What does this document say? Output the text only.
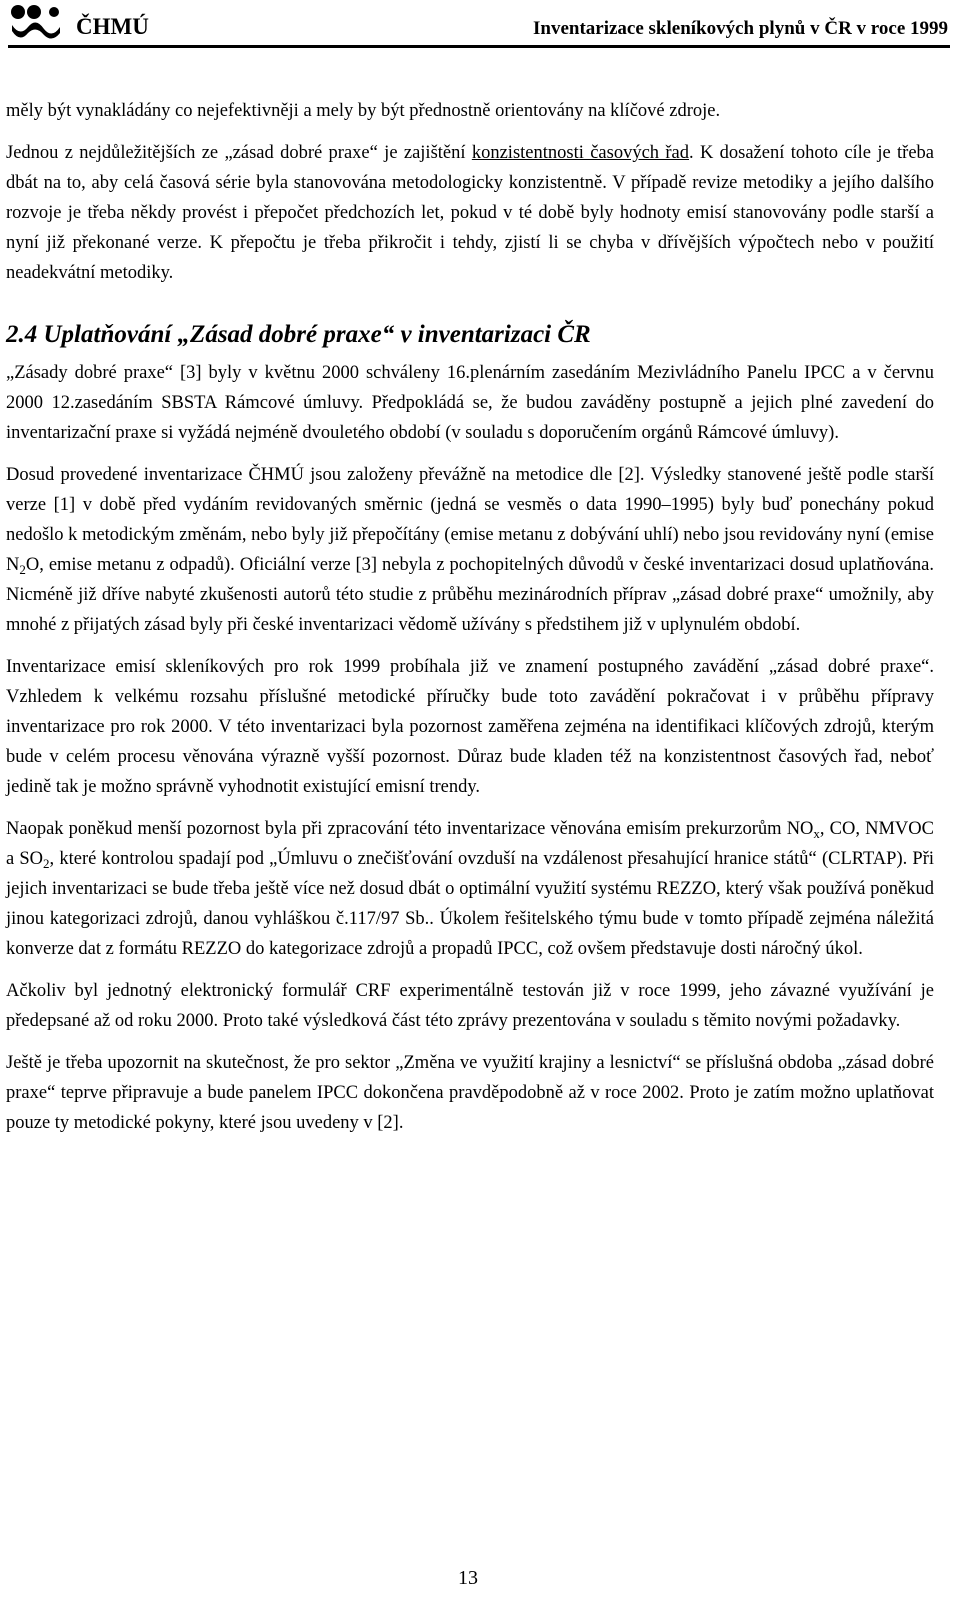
ČHMÚ	Inventarizace skleníkových plynů v ČR v roce 1999

měly být vynakládány co nejefektivněji a mely by být přednostně orientovány na klíčové zdroje.

Jednou z nejdůležitějších ze „zásad dobré praxe“ je zajištění konzistentnosti časových řad. K dosažení tohoto cíle je třeba dbát na to, aby celá časová série byla stanovována metodologicky konzistentně. V případě revize metodiky a jejího dalšího rozvoje je třeba někdy provést i přepočet předchozích let, pokud v té době byly hodnoty emisí stanovovány podle starší a nyní již překonané verze. K přepočtu je třeba přikročit i tehdy, zjistí li se chyba v dřívějších výpočtech nebo v použití neadekvátní metodiky.

2.4 Uplatňování „Zásad dobré praxe“ v inventarizaci ČR

„Zásady dobré praxe“ [3] byly v květnu 2000 schváleny 16.plenárním zasedáním Mezivládního Panelu IPCC a v červnu 2000 12.zasedáním SBSTA Rámcové úmluvy. Předpokládá se, že budou zaváděny postupně a jejich plné zavedení do inventarizační praxe si vyžádá nejméně dvouletého období (v souladu s doporučením orgánů Rámcové úmluvy).

Dosud provedené inventarizace ČHMÚ jsou založeny převážně na metodice dle [2]. Výsledky stanovené ještě podle starší verze [1] v době před vydáním revidovaných směrnic (jedná se vesměs o data 1990–1995) byly buď ponechány pokud nedošlo k metodickým změnám, nebo byly již přepočítány (emise metanu z dobývání uhlí) nebo jsou revidovány nyní (emise $N_2O$, emise metanu z odpadů). Oficiální verze [3] nebyla z pochopitelných důvodů v české inventarizaci dosud uplatňována. Nicméně již dříve nabyté zkušenosti autorů této studie z průběhu mezinárodních příprav „zásad dobré praxe“ umožnily, aby mnohé z přijatých zásad byly při české inventarizaci vědomě užívány s předstihem již v uplynulém období.

Inventarizace emisí skleníkových pro rok 1999 probíhala již ve znamení postupného zavádění „zásad dobré praxe“. Vzhledem k velkému rozsahu příslušné metodické příručky bude toto zavádění pokračovat i v průběhu přípravy inventarizace pro rok 2000. V této inventarizaci byla pozornost zaměřena zejména na identifikaci klíčových zdrojů, kterým bude v celém procesu věnována výrazně vyšší pozornost. Důraz bude kladen též na konzistentnost časových řad, neboť jedině tak je možno správně vyhodnotit existující emisní trendy.

Naopak poněkud menší pozornost byla při zpracování této inventarizace věnována emisím prekurzorům $NO_x$, CO, NMVOC a $SO_2$, které kontrolou spadají pod „Úmluvu o znečišťování ovzduší na vzdálenost přesahující hranice států“ (CLRTAP). Při jejich inventarizaci se bude třeba ještě více než dosud dbát o optimální využití systému REZZO, který však používá poněkud jinou kategorizaci zdrojů, danou vyhláškou č.117/97 Sb.. Úkolem řešitelského týmu bude v tomto případě zejména náležitá konverze dat z formátu REZZO do kategorizace zdrojů a propadů IPCC, což ovšem představuje dosti náročný úkol.

Ačkoliv byl jednotný elektronický formulář CRF experimentálně testován již v roce 1999, jeho závazné využívání je předepsané až od roku 2000. Proto také výsledková část této zprávy prezentována v souladu s těmito novými požadavky.

Ještě je třeba upozornit na skutečnost, že pro sektor „Změna ve využití krajiny a lesnictví“ se příslušná obdoba „zásad dobré praxe“ teprve připravuje a bude panelem IPCC dokončena pravděpodobně až v roce 2002. Proto je zatím možno uplatňovat pouze ty metodické pokyny, které jsou uvedeny v [2].

13
